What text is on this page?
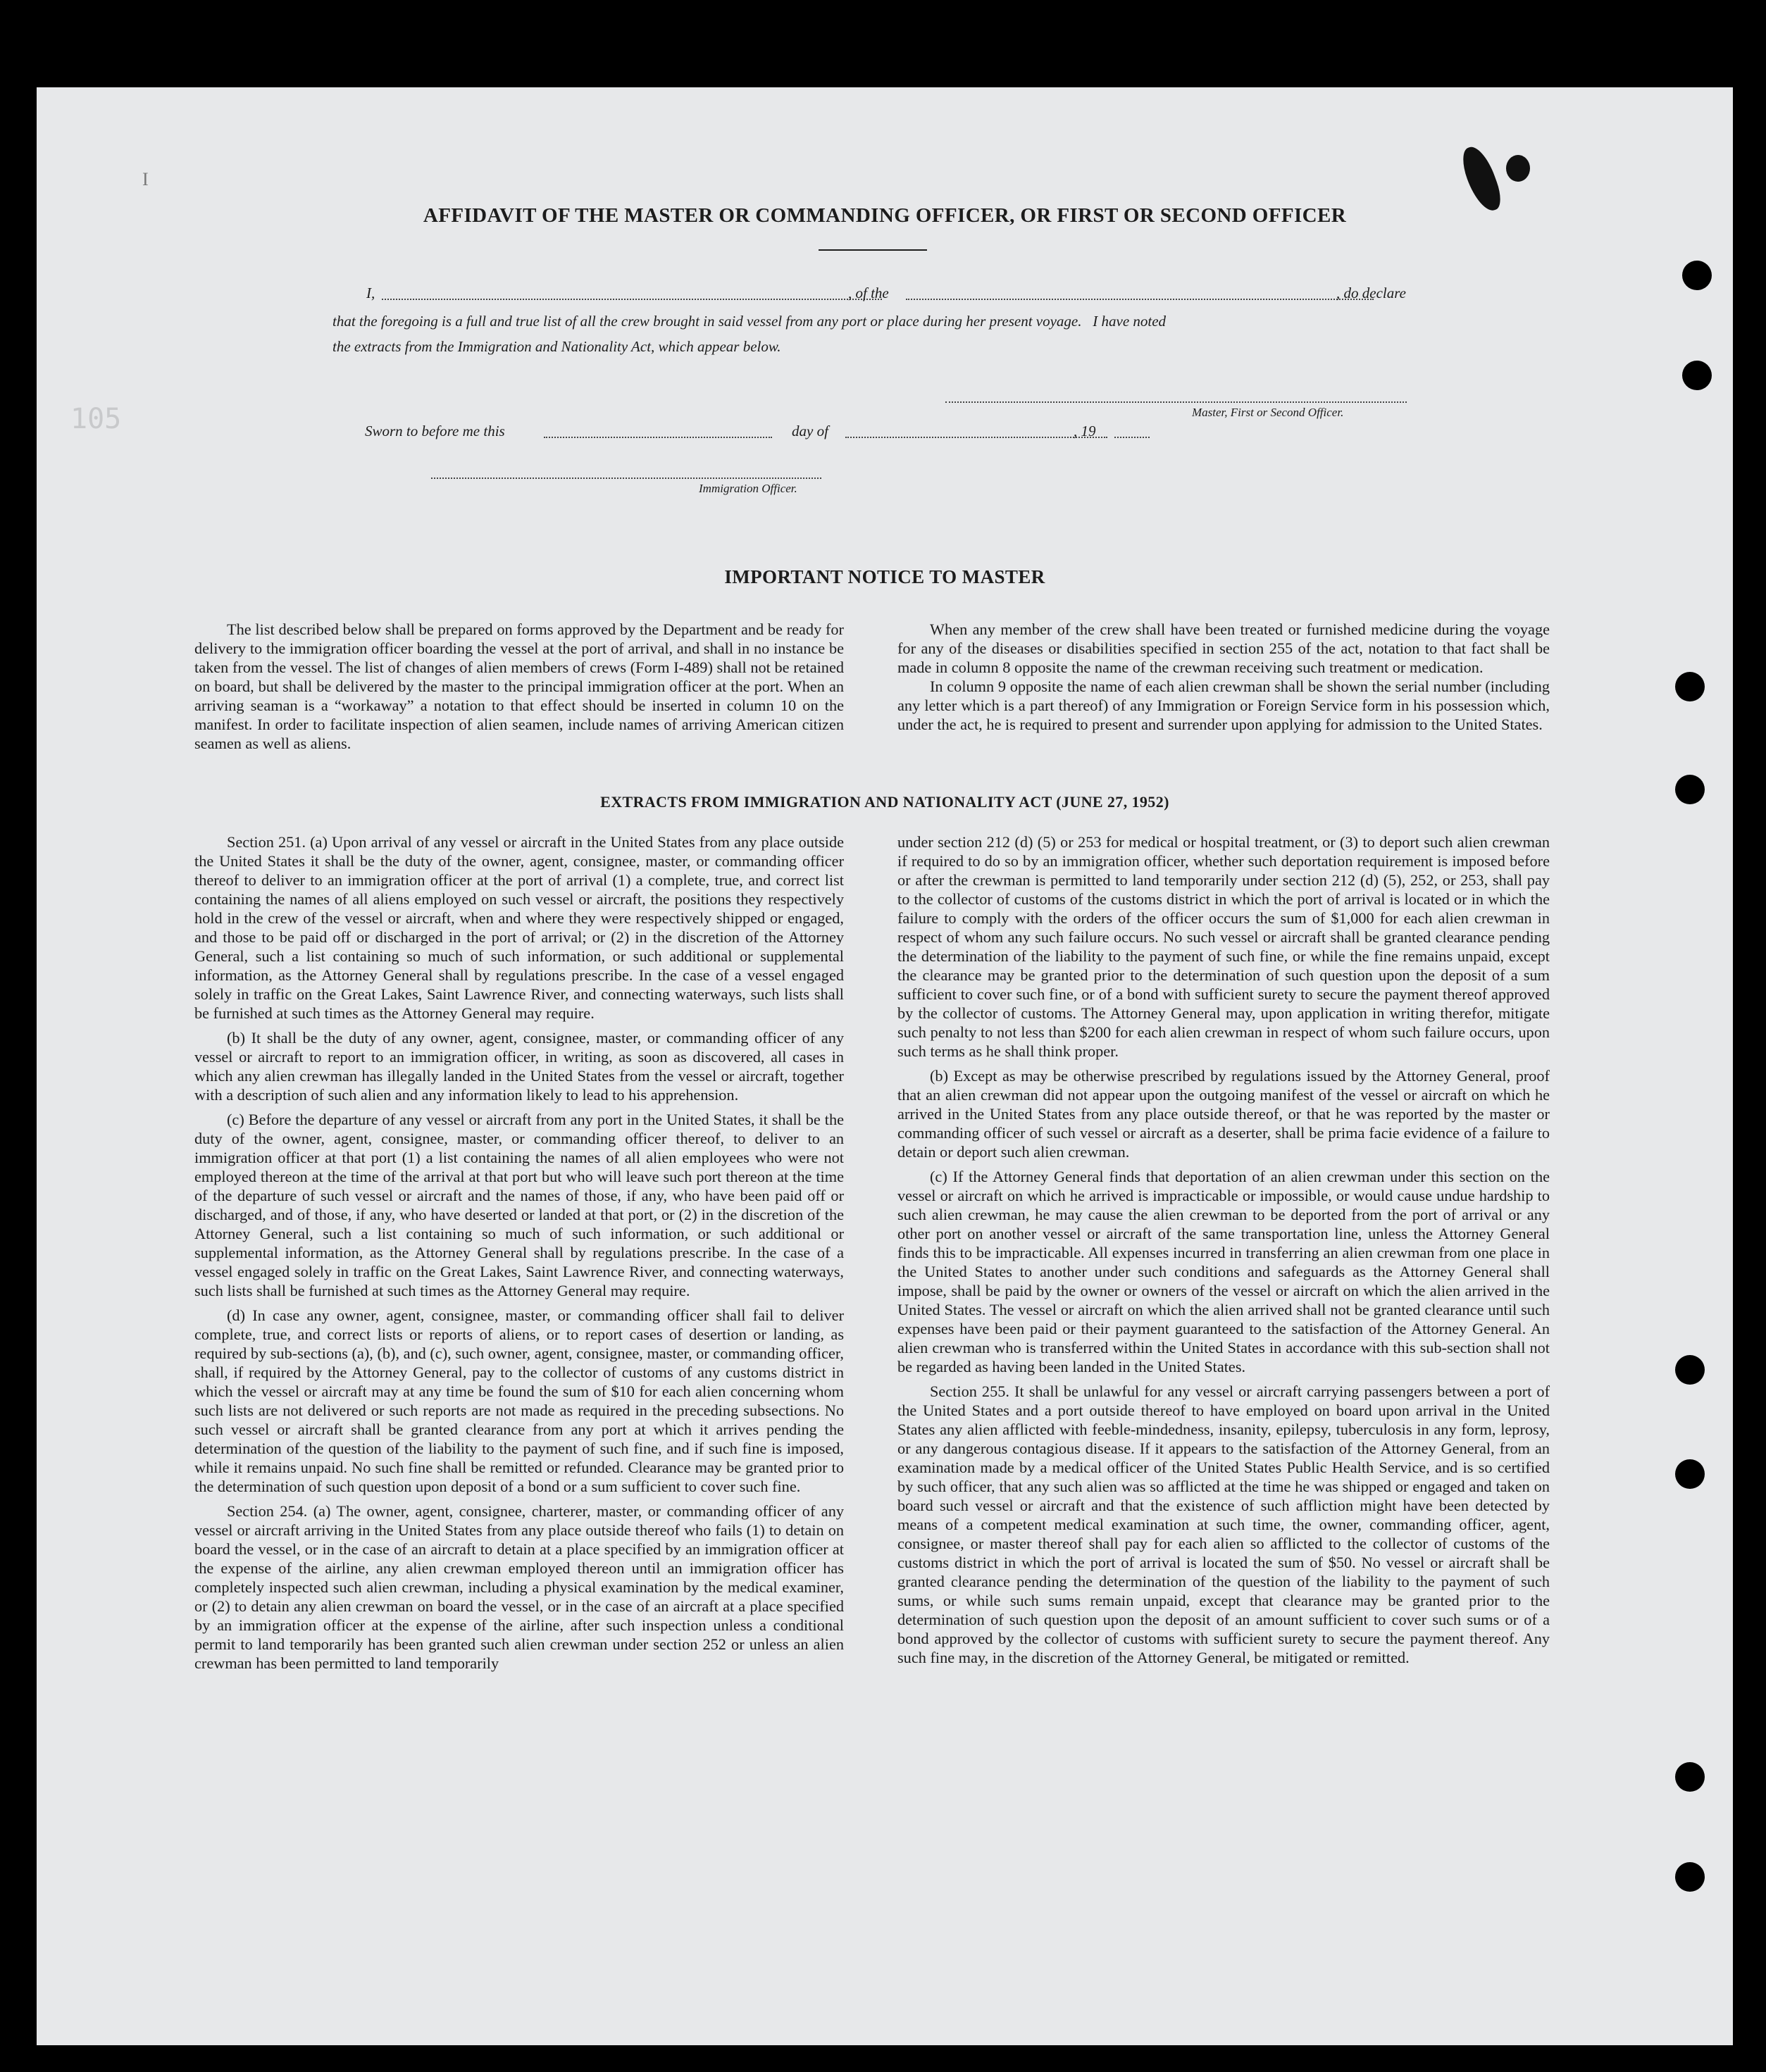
I
105
AFFIDAVIT OF THE MASTER OR COMMANDING OFFICER, OR FIRST OR SECOND OFFICER
I,	, of the	, do declare
that the foregoing is a full and true list of all the crew brought in said vessel from any port or place during her present voyage.   I have noted
the extracts from the Immigration and Nationality Act, which appear below.
Master, First or Second Officer.
Sworn to before me this	day of	, 19
Immigration Officer.
IMPORTANT NOTICE TO MASTER

The list described below shall be prepared on forms approved by the Department and be ready for delivery to the immigration officer boarding the vessel at the port of arrival, and shall in no instance be taken from the vessel. The list of changes of alien members of crews (Form I-489) shall not be retained on board, but shall be delivered by the master to the principal immigration officer at the port. When an arriving seaman is a “workaway” a notation to that effect should be inserted in column 10 on the manifest. In order to facilitate inspection of alien seamen, include names of arriving American citizen seamen as well as aliens.

When any member of the crew shall have been treated or furnished medicine during the voyage for any of the diseases or disabilities specified in section 255 of the act, notation to that fact shall be made in column 8 opposite the name of the crewman receiving such treatment or medication.

In column 9 opposite the name of each alien crewman shall be shown the serial number (including any letter which is a part thereof) of any Immigration or Foreign Service form in his possession which, under the act, he is required to present and surrender upon applying for admission to the United States.

EXTRACTS FROM IMMIGRATION AND NATIONALITY ACT (JUNE 27, 1952)

Section 251. (a) Upon arrival of any vessel or aircraft in the United States from any place outside the United States it shall be the duty of the owner, agent, consignee, master, or commanding officer thereof to deliver to an immigration officer at the port of arrival (1) a complete, true, and correct list containing the names of all aliens employed on such vessel or aircraft, the positions they respectively hold in the crew of the vessel or aircraft, when and where they were respectively shipped or engaged, and those to be paid off or discharged in the port of arrival; or (2) in the discretion of the Attorney General, such a list containing so much of such information, or such additional or supplemental information, as the Attorney General shall by regulations prescribe. In the case of a vessel engaged solely in traffic on the Great Lakes, Saint Lawrence River, and connecting waterways, such lists shall be furnished at such times as the Attorney General may require.

(b) It shall be the duty of any owner, agent, consignee, master, or commanding officer of any vessel or aircraft to report to an immigration officer, in writing, as soon as discovered, all cases in which any alien crewman has illegally landed in the United States from the vessel or aircraft, together with a description of such alien and any information likely to lead to his apprehension.

(c) Before the departure of any vessel or aircraft from any port in the United States, it shall be the duty of the owner, agent, consignee, master, or commanding officer thereof, to deliver to an immigration officer at that port (1) a list containing the names of all alien employees who were not employed thereon at the time of the arrival at that port but who will leave such port thereon at the time of the departure of such vessel or aircraft and the names of those, if any, who have been paid off or discharged, and of those, if any, who have deserted or landed at that port, or (2) in the discretion of the Attorney General, such a list containing so much of such information, or such additional or supplemental information, as the Attorney General shall by regulations prescribe. In the case of a vessel engaged solely in traffic on the Great Lakes, Saint Lawrence River, and connecting waterways, such lists shall be furnished at such times as the Attorney General may require.

(d) In case any owner, agent, consignee, master, or commanding officer shall fail to deliver complete, true, and correct lists or reports of aliens, or to report cases of desertion or landing, as required by sub-sections (a), (b), and (c), such owner, agent, consignee, master, or commanding officer, shall, if required by the Attorney General, pay to the collector of customs of any customs district in which the vessel or aircraft may at any time be found the sum of $10 for each alien concerning whom such lists are not delivered or such reports are not made as required in the preceding subsections. No such vessel or aircraft shall be granted clearance from any port at which it arrives pending the determination of the question of the liability to the payment of such fine, and if such fine is imposed, while it remains unpaid. No such fine shall be remitted or refunded. Clearance may be granted prior to the determination of such question upon deposit of a bond or a sum sufficient to cover such fine.

Section 254. (a) The owner, agent, consignee, charterer, master, or commanding officer of any vessel or aircraft arriving in the United States from any place outside thereof who fails (1) to detain on board the vessel, or in the case of an aircraft to detain at a place specified by an immigration officer at the expense of the airline, any alien crewman employed thereon until an immigration officer has completely inspected such alien crewman, including a physical examination by the medical examiner, or (2) to detain any alien crewman on board the vessel, or in the case of an aircraft at a place specified by an immigration officer at the expense of the airline, after such inspection unless a conditional permit to land temporarily has been granted such alien crewman under section 252 or unless an alien crewman has been permitted to land temporarily

under section 212 (d) (5) or 253 for medical or hospital treatment, or (3) to deport such alien crewman if required to do so by an immigration officer, whether such deportation requirement is imposed before or after the crewman is permitted to land temporarily under section 212 (d) (5), 252, or 253, shall pay to the collector of customs of the customs district in which the port of arrival is located or in which the failure to comply with the orders of the officer occurs the sum of $1,000 for each alien crewman in respect of whom any such failure occurs. No such vessel or aircraft shall be granted clearance pending the determination of the liability to the payment of such fine, or while the fine remains unpaid, except the clearance may be granted prior to the determination of such question upon the deposit of a sum sufficient to cover such fine, or of a bond with sufficient surety to secure the payment thereof approved by the collector of customs. The Attorney General may, upon application in writing therefor, mitigate such penalty to not less than $200 for each alien crewman in respect of whom such failure occurs, upon such terms as he shall think proper.

(b) Except as may be otherwise prescribed by regulations issued by the Attorney General, proof that an alien crewman did not appear upon the outgoing manifest of the vessel or aircraft on which he arrived in the United States from any place outside thereof, or that he was reported by the master or commanding officer of such vessel or aircraft as a deserter, shall be prima facie evidence of a failure to detain or deport such alien crewman.

(c) If the Attorney General finds that deportation of an alien crewman under this section on the vessel or aircraft on which he arrived is impracticable or impossible, or would cause undue hardship to such alien crewman, he may cause the alien crewman to be deported from the port of arrival or any other port on another vessel or aircraft of the same transportation line, unless the Attorney General finds this to be impracticable. All expenses incurred in transferring an alien crewman from one place in the United States to another under such conditions and safeguards as the Attorney General shall impose, shall be paid by the owner or owners of the vessel or aircraft on which the alien arrived in the United States. The vessel or aircraft on which the alien arrived shall not be granted clearance until such expenses have been paid or their payment guaranteed to the satisfaction of the Attorney General. An alien crewman who is transferred within the United States in accordance with this sub-section shall not be regarded as having been landed in the United States.

Section 255. It shall be unlawful for any vessel or aircraft carrying passengers between a port of the United States and a port outside thereof to have employed on board upon arrival in the United States any alien afflicted with feeble-mindedness, insanity, epilepsy, tuberculosis in any form, leprosy, or any dangerous contagious disease. If it appears to the satisfaction of the Attorney General, from an examination made by a medical officer of the United States Public Health Service, and is so certified by such officer, that any such alien was so afflicted at the time he was shipped or engaged and taken on board such vessel or aircraft and that the existence of such affliction might have been detected by means of a competent medical examination at such time, the owner, commanding officer, agent, consignee, or master thereof shall pay for each alien so afflicted to the collector of customs of the customs district in which the port of arrival is located the sum of $50. No vessel or aircraft shall be granted clearance pending the determination of the question of the liability to the payment of such sums, or while such sums remain unpaid, except that clearance may be granted prior to the determination of such question upon the deposit of an amount sufficient to cover such sums or of a bond approved by the collector of customs with sufficient surety to secure the payment thereof. Any such fine may, in the discretion of the Attorney General, be mitigated or remitted.
